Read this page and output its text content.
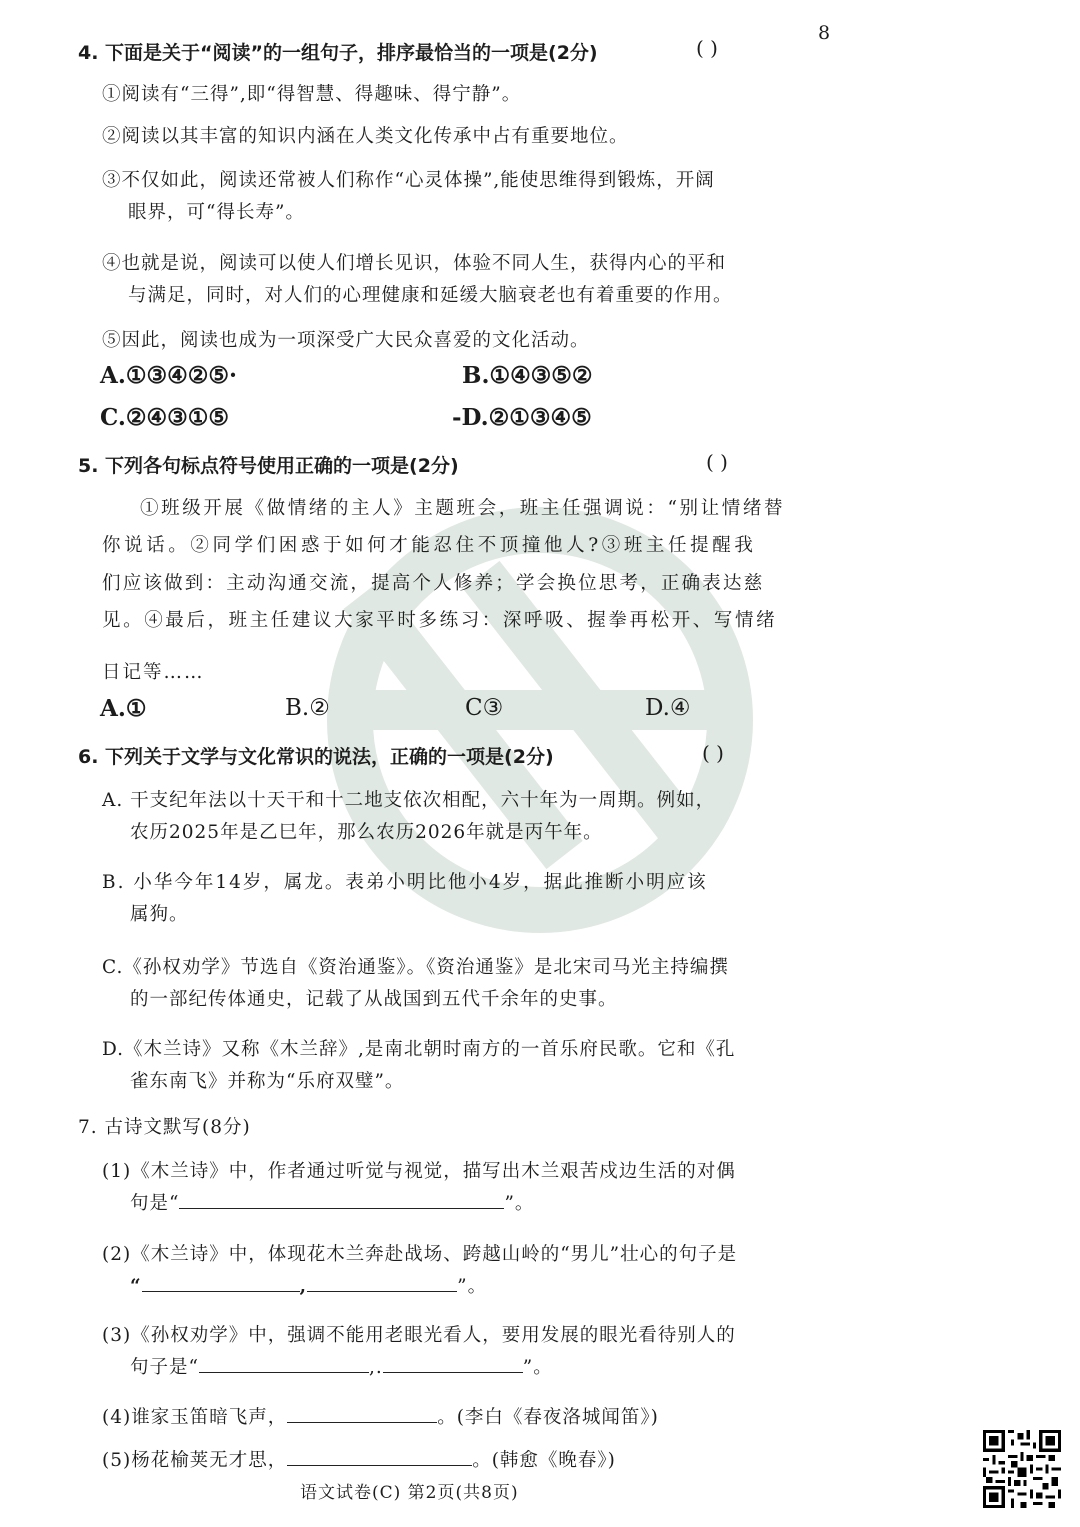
8
4. 下面是关于“阅读”的一组句子，排序最恰当的一项是(2分)	( )
①阅读有“三得”,即“得智慧、得趣味、得宁静”。
②阅读以其丰富的知识内涵在人类文化传承中占有重要地位。
③不仅如此，阅读还常被人们称作“心灵体操”,能使思维得到锻炼，开阔
眼界，可“得长寿”。
④也就是说，阅读可以使人们增长见识，体验不同人生，获得内心的平和
与满足，同时，对人们的心理健康和延缓大脑衰老也有着重要的作用。
⑤因此，阅读也成为一项深受广大民众喜爱的文化活动。
A.①③④②⑤·	B.①④③⑤②
C.②④③①⑤	-D.②①③④⑤
5. 下列各句标点符号使用正确的一项是(2分)	( )
①班级开展《做情绪的主人》主题班会，班主任强调说：“别让情绪替
你说话。②同学们困惑于如何才能忍住不顶撞他人?③班主任提醒我
们应该做到：主动沟通交流，提高个人修养；学会换位思考，正确表达慈
见。④最后，班主任建议大家平时多练习：深呼吸、握拳再松开、写情绪
日记等……
A.①	B.②	C③	D.④
6. 下列关于文学与文化常识的说法，正确的一项是(2分)	( )
A. 干支纪年法以十天干和十二地支依次相配，六十年为一周期。例如，
农历2025年是乙巳年，那么农历2026年就是丙午年。
B. 小华今年14岁，属龙。表弟小明比他小4岁，据此推断小明应该
属狗。
C.《孙权劝学》节选自《资治通鉴》。《资治通鉴》是北宋司马光主持编撰
的一部纪传体通史，记载了从战国到五代千余年的史事。
D.《木兰诗》又称《木兰辞》,是南北朝时南方的一首乐府民歌。它和《孔
雀东南飞》并称为“乐府双璧”。
7. 古诗文默写(8分)
(1)《木兰诗》中，作者通过听觉与视觉，描写出木兰艰苦戍边生活的对偶
句是“	”。
(2)《木兰诗》中，体现花木兰奔赴战场、跨越山岭的“男儿”壮心的句子是
“	,	”。
(3)《孙权劝学》中，强调不能用老眼光看人，要用发展的眼光看待别人的
句子是“	,.	”。
(4)谁家玉笛暗飞声，	。(李白《春夜洛城闻笛》)
(5)杨花榆荚无才思，	。(韩愈《晚春》)
语文试卷(C) 第2页(共8页)
